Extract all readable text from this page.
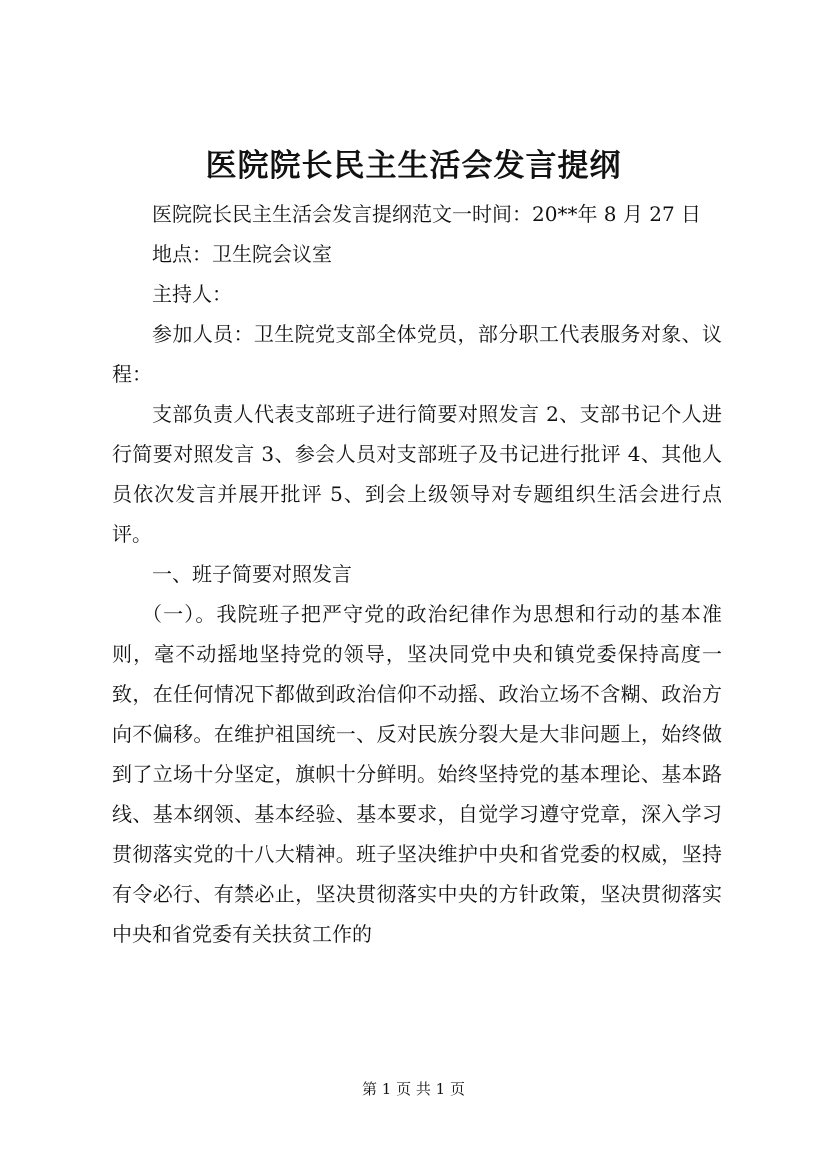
医院院长民主生活会发言提纲

医院院长民主生活会发言提纲范文一时间：20**年 8 月 27 日

地点：卫生院会议室

主持人：

参加人员：卫生院党支部全体党员，部分职工代表服务对象、议程：

支部负责人代表支部班子进行简要对照发言 2、支部书记个人进行简要对照发言 3、参会人员对支部班子及书记进行批评 4、其他人员依次发言并展开批评 5、到会上级领导对专题组织生活会进行点评。

一、班子简要对照发言

（一）。我院班子把严守党的政治纪律作为思想和行动的基本准则，毫不动摇地坚持党的领导，坚决同党中央和镇党委保持高度一致，在任何情况下都做到政治信仰不动摇、政治立场不含糊、政治方向不偏移。在维护祖国统一、反对民族分裂大是大非问题上，始终做到了立场十分坚定，旗帜十分鲜明。始终坚持党的基本理论、基本路线、基本纲领、基本经验、基本要求，自觉学习遵守党章，深入学习贯彻落实党的十八大精神。班子坚决维护中央和省党委的权威，坚持有令必行、有禁必止，坚决贯彻落实中央的方针政策，坚决贯彻落实中央和省党委有关扶贫工作的

第 1 页 共 1 页
